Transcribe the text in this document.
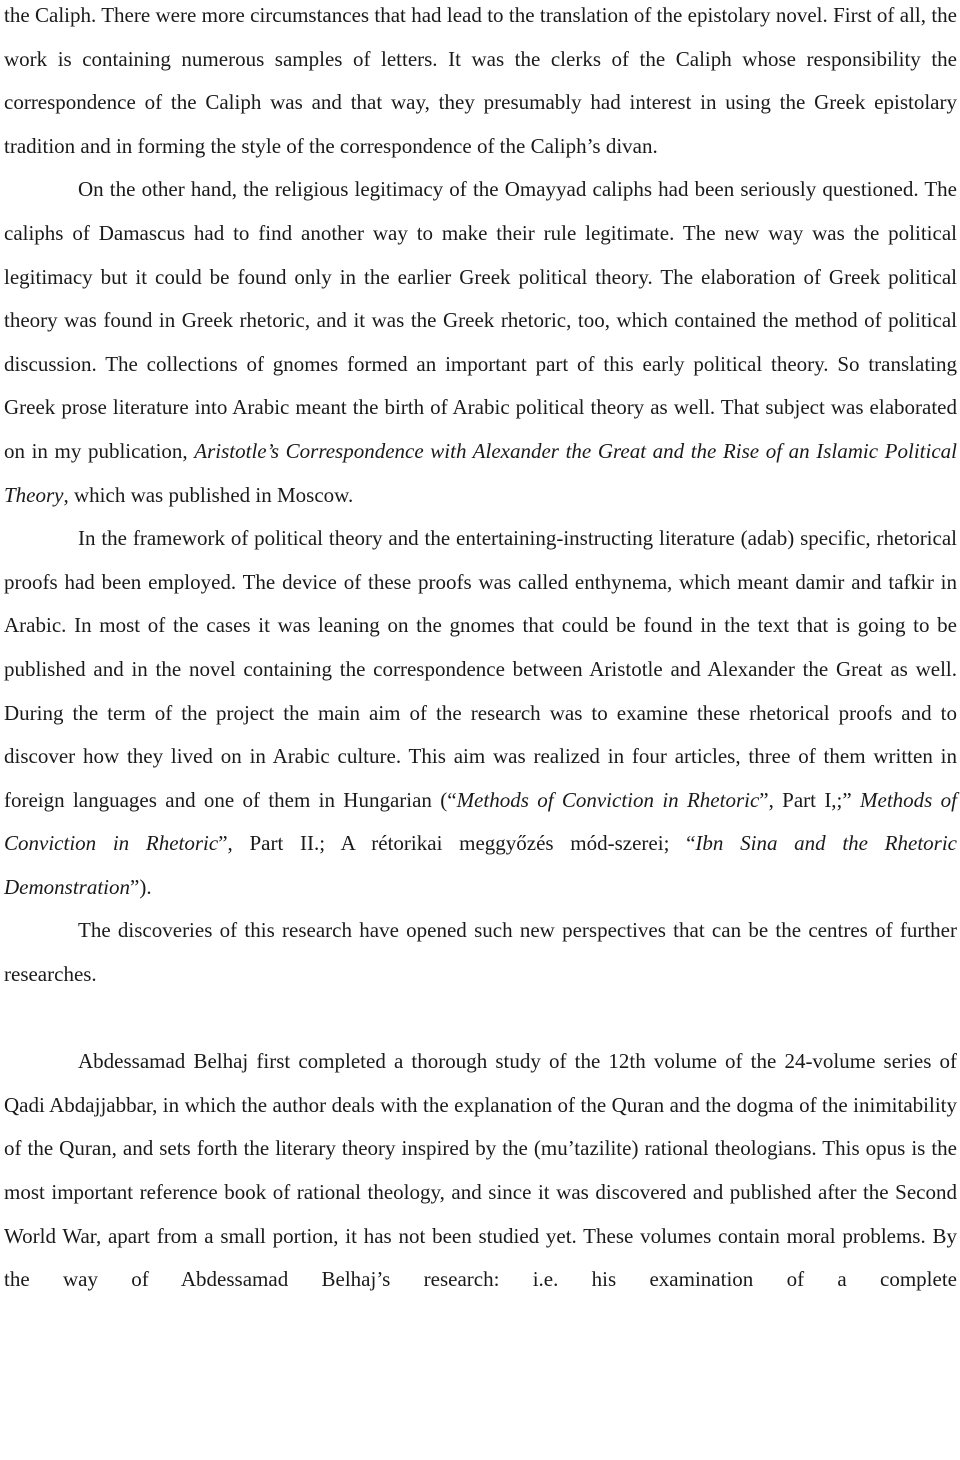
the Caliph. There were more circumstances that had lead to the translation of the epistolary novel. First of all, the work is containing numerous samples of letters. It was the clerks of the Caliph whose responsibility the correspondence of the Caliph was and that way, they presumably had interest in using the Greek epistolary tradition and in forming the style of the correspondence of the Caliph’s divan.

On the other hand, the religious legitimacy of the Omayyad caliphs had been seriously questioned. The caliphs of Damascus had to find another way to make their rule legitimate. The new way was the political legitimacy but it could be found only in the earlier Greek political theory. The elaboration of Greek political theory was found in Greek rhetoric, and it was the Greek rhetoric, too, which contained the method of political discussion. The collections of gnomes formed an important part of this early political theory. So translating Greek prose literature into Arabic meant the birth of Arabic political theory as well. That subject was elaborated on in my publication, Aristotle’s Correspondence with Alexander the Great and the Rise of an Islamic Political Theory, which was published in Moscow.

In the framework of political theory and the entertaining-instructing literature (adab) specific, rhetorical proofs had been employed. The device of these proofs was called enthynema, which meant damir and tafkir in Arabic. In most of the cases it was leaning on the gnomes that could be found in the text that is going to be published and in the novel containing the correspondence between Aristotle and Alexander the Great as well. During the term of the project the main aim of the research was to examine these rhetorical proofs and to discover how they lived on in Arabic culture. This aim was realized in four articles, three of them written in foreign languages and one of them in Hungarian (“Methods of Conviction in Rhetoric”, Part I,;” Methods of Conviction in Rhetoric”, Part II.; A rétorikai meggyőzés mód-szerei; “Ibn Sina and the Rhetoric Demonstration”).

The discoveries of this research have opened such new perspectives that can be the centres of further researches.

Abdessamad Belhaj first completed a thorough study of the 12th volume of the 24-volume series of Qadi Abdajjabbar, in which the author deals with the explanation of the Quran and the dogma of the inimitability of the Quran, and sets forth the literary theory inspired by the (mu’tazilite) rational theologians. This opus is the most important reference book of rational theology, and since it was discovered and published after the Second World War, apart from a small portion, it has not been studied yet. These volumes contain moral problems. By the way of Abdessamad Belhaj’s research: i.e. his examination of a complete
